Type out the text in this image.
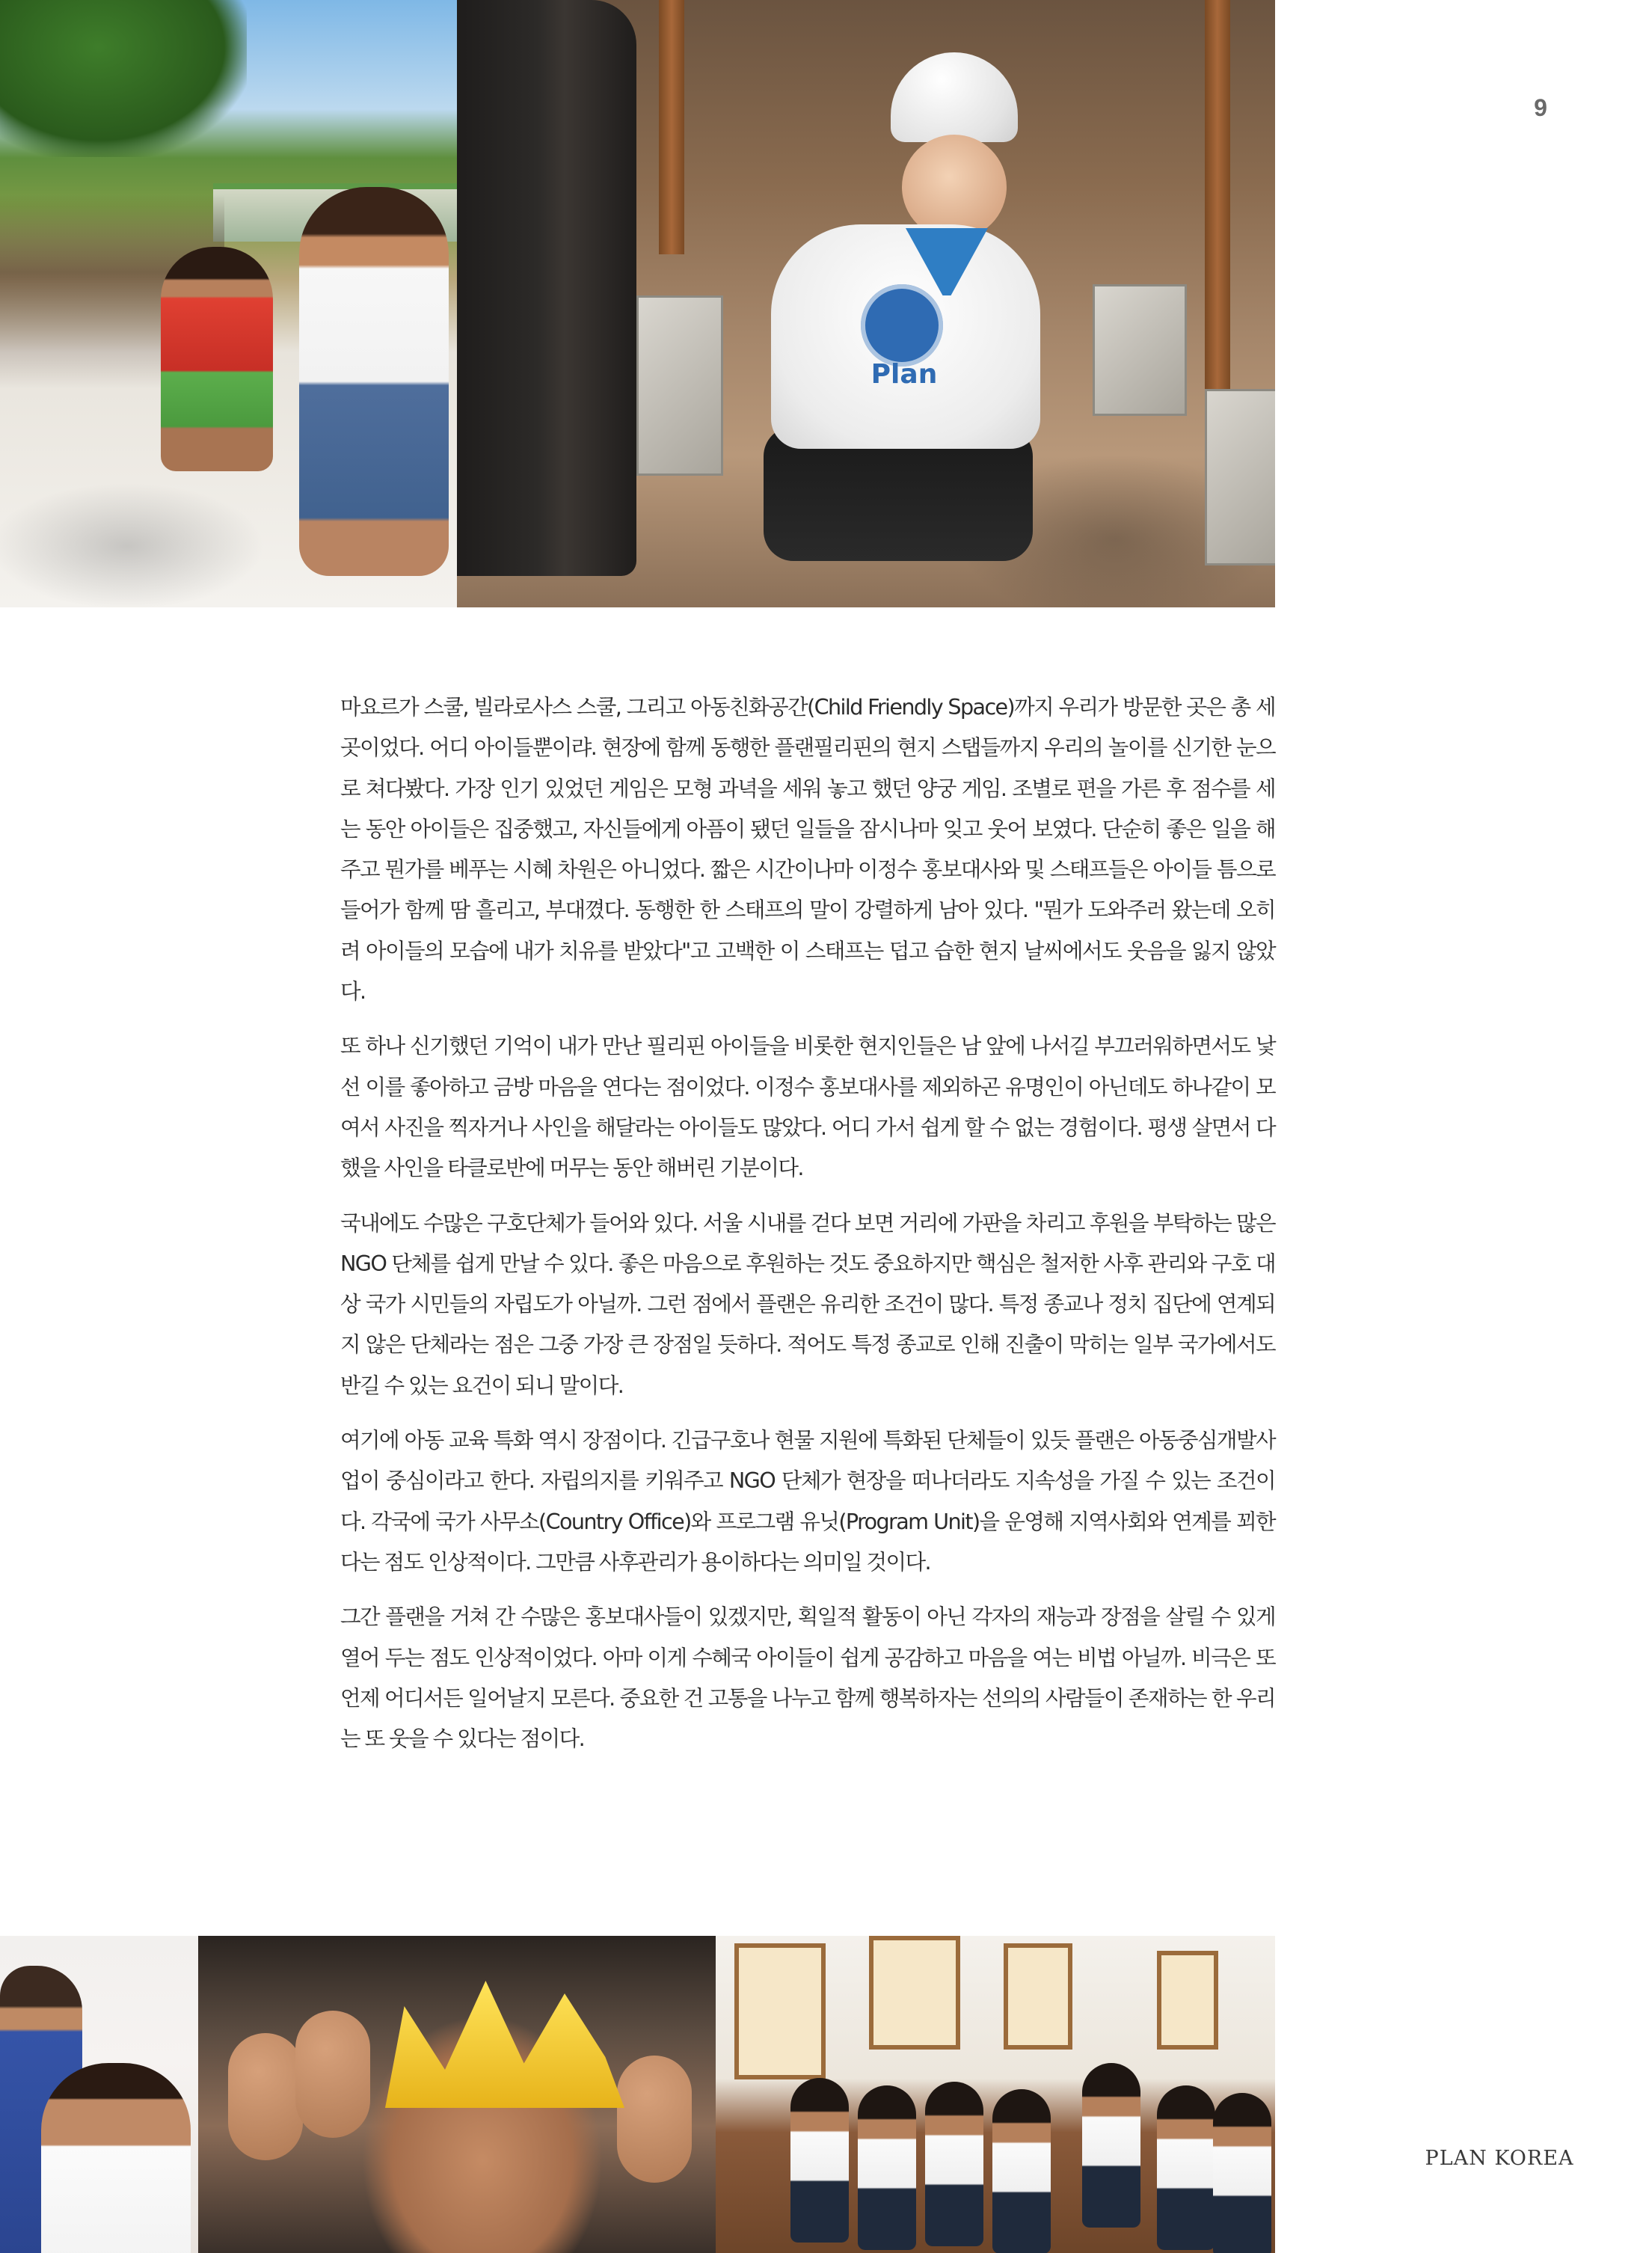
Plan
9

마요르가 스쿨, 빌라로사스 스쿨, 그리고 아동친화공간(Child Friendly Space)까지 우리가 방문한 곳은 총 세 곳이었다. 어디 아이들뿐이랴. 현장에 함께 동행한 플랜필리핀의 현지 스탭들까지 우리의 놀이를 신기한 눈으로 쳐다봤다. 가장 인기 있었던 게임은 모형 과녁을 세워 놓고 했던 양궁 게임. 조별로 편을 가른 후 점수를 세는 동안 아이들은 집중했고, 자신들에게 아픔이 됐던 일들을 잠시나마 잊고 웃어 보였다. 단순히 좋은 일을 해주고 뭔가를 베푸는 시혜 차원은 아니었다. 짧은 시간이나마 이정수 홍보대사와 및 스태프들은 아이들 틈으로 들어가 함께 땀 흘리고, 부대꼈다. 동행한 한 스태프의 말이 강렬하게 남아 있다. "뭔가 도와주러 왔는데 오히려 아이들의 모습에 내가 치유를 받았다"고 고백한 이 스태프는 덥고 습한 현지 날씨에서도 웃음을 잃지 않았다.

또 하나 신기했던 기억이 내가 만난 필리핀 아이들을 비롯한 현지인들은 남 앞에 나서길 부끄러워하면서도 낯선 이를 좋아하고 금방 마음을 연다는 점이었다. 이정수 홍보대사를 제외하곤 유명인이 아닌데도 하나같이 모여서 사진을 찍자거나 사인을 해달라는 아이들도 많았다. 어디 가서 쉽게 할 수 없는 경험이다. 평생 살면서 다 했을 사인을 타클로반에 머무는 동안 해버린 기분이다.

국내에도 수많은 구호단체가 들어와 있다. 서울 시내를 걷다 보면 거리에 가판을 차리고 후원을 부탁하는 많은 NGO 단체를 쉽게 만날 수 있다. 좋은 마음으로 후원하는 것도 중요하지만 핵심은 철저한 사후 관리와 구호 대상 국가 시민들의 자립도가 아닐까. 그런 점에서 플랜은 유리한 조건이 많다. 특정 종교나 정치 집단에 연계되지 않은 단체라는 점은 그중 가장 큰 장점일 듯하다. 적어도 특정 종교로 인해 진출이 막히는 일부 국가에서도 반길 수 있는 요건이 되니 말이다.

여기에 아동 교육 특화 역시 장점이다. 긴급구호나 현물 지원에 특화된 단체들이 있듯 플랜은 아동중심개발사업이 중심이라고 한다. 자립의지를 키워주고 NGO 단체가 현장을 떠나더라도 지속성을 가질 수 있는 조건이다. 각국에 국가 사무소(Country Office)와 프로그램 유닛(Program Unit)을 운영해 지역사회와 연계를 꾀한다는 점도 인상적이다. 그만큼 사후관리가 용이하다는 의미일 것이다.

그간 플랜을 거쳐 간 수많은 홍보대사들이 있겠지만, 획일적 활동이 아닌 각자의 재능과 장점을 살릴 수 있게 열어 두는 점도 인상적이었다. 아마 이게 수혜국 아이들이 쉽게 공감하고 마음을 여는 비법 아닐까. 비극은 또 언제 어디서든 일어날지 모른다. 중요한 건 고통을 나누고 함께 행복하자는 선의의 사람들이 존재하는 한 우리는 또 웃을 수 있다는 점이다.

PLAN KOREA
